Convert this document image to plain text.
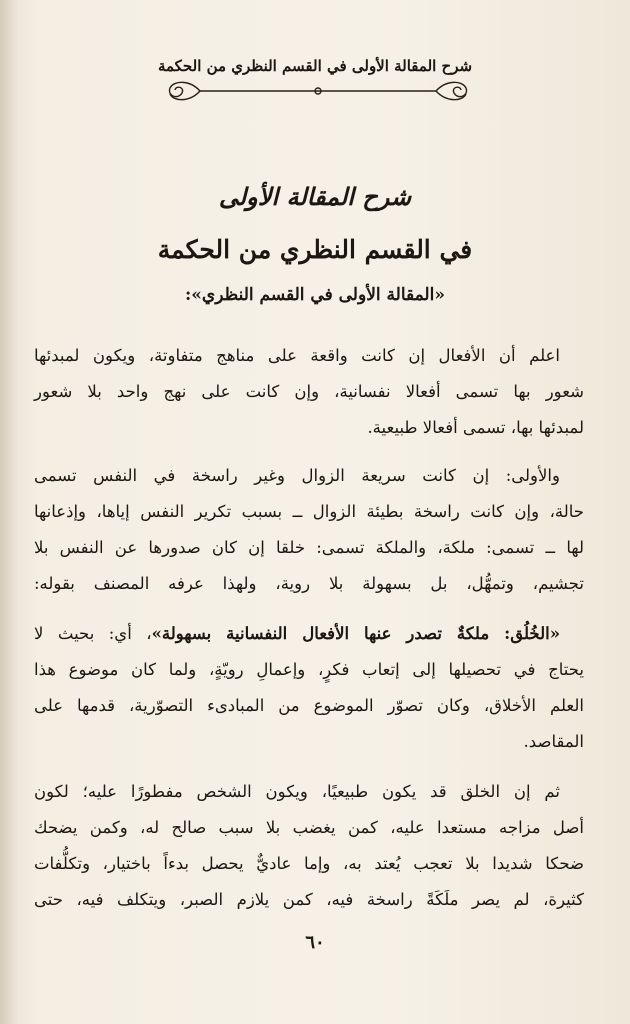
شرح المقالة الأولى في القسم النظري من الحكمة
شرح المقالة الأولى
في القسم النظري من الحكمة
«المقالة الأولى في القسم النظري»:
اعلم أن الأفعال إن كانت واقعة على مناهج متفاوتة، ويكون لمبدئها
شعور بها تسمى أفعالا نفسانية، وإن كانت على نهج واحد بلا شعور
لمبدئها بها، تسمى أفعالا طبيعية.
والأولى: إن كانت سريعة الزوال وغير راسخة في النفس تسمى
حالة، وإن كانت راسخة بطيئة الزوال ــ بسبب تكرير النفس إياها، وإذعانها
لها ــ تسمى: ملكة، والملكة تسمى: خلقا إن كان صدورها عن النفس بلا
تجشيم، وتمهُّل، بل بسهولة بلا روية، ولهذا عرفه المصنف بقوله:
«الخُلُق: ملكةٌ تصدر عنها الأفعال النفسانية بسهولة»، أي: بحيث لا
يحتاج في تحصيلها إلى إتعاب فكرٍ، وإعمالِ رويّةٍ، ولما كان موضوع هذا
العلم الأخلاق، وكان تصوّر الموضوع من المبادىء التصوّرية، قدمها على
المقاصد.
ثم إن الخلق قد يكون طبيعيًا، ويكون الشخص مفطورًا عليه؛ لكون
أصل مزاجه مستعدا عليه، كمن يغضب بلا سبب صالح له، وكمن يضحك
ضحكا شديدا بلا تعجب يُعتد به، وإما عاديٌّ يحصل بدءاً باختيار، وتكلُّفات
كثيرة، لم يصر ملَكَةً راسخة فيه، كمن يلازم الصبر، ويتكلف فيه، حتى
٦٠
